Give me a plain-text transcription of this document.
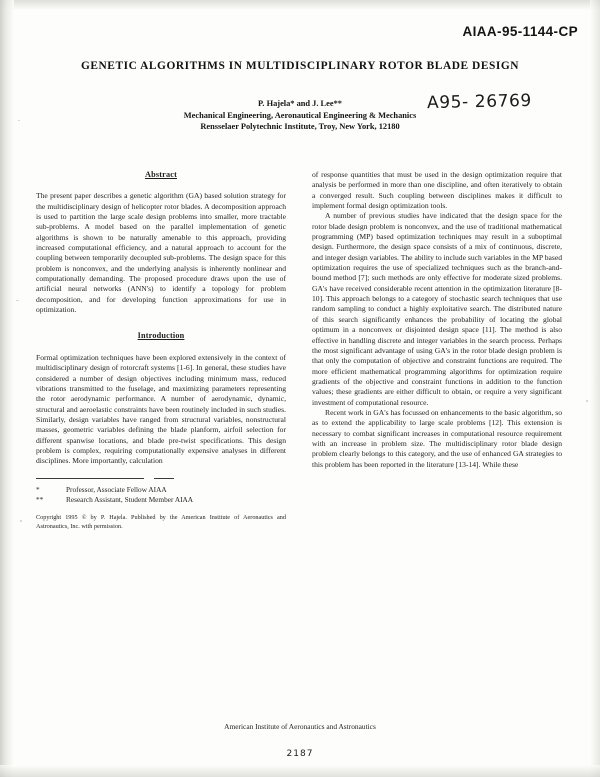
AIAA-95-1144-CP
GENETIC ALGORITHMS IN MULTIDISCIPLINARY ROTOR BLADE DESIGN
P. Hajela* and J. Lee**
Mechanical Engineering, Aeronautical Engineering & Mechanics
Rensselaer Polytechnic Institute, Troy, New York, 12180
A95- 26769
Abstract

The present paper describes a genetic algorithm (GA) based solution strategy for the multidisciplinary design of helicopter rotor blades. A decomposition approach is used to partition the large scale design problems into smaller, more tractable sub-problems. A model based on the parallel implementation of genetic algorithms is shown to be naturally amenable to this approach, providing increased computational efficiency, and a natural approach to account for the coupling between temporarily decoupled sub-problems. The design space for this problem is nonconvex, and the underlying analysis is inherently nonlinear and computationally demanding. The proposed procedure draws upon the use of artificial neural networks (ANN's) to identify a topology for problem decomposition, and for developing function approximations for use in optimization.

Introduction

Formal optimization techniques have been explored extensively in the context of multidisciplinary design of rotorcraft systems [1-6]. In general, these studies have considered a number of design objectives including minimum mass, reduced vibrations transmitted to the fuselage, and maximizing parameters representing the rotor aerodynamic performance. A number of aerodynamic, dynamic, structural and aeroelastic constraints have been routinely included in such studies. Similarly, design variables have ranged from structural variables, nonstructural masses, geometric variables defining the blade planform, airfoil selection for different spanwise locations, and blade pre-twist specifications. This design problem is complex, requiring computationally expensive analyses in different disciplines. More importantly, calculation

*	Professor, Associate Fellow AIAA
**	Research Assistant, Student Member AIAA
Copyright 1995 © by P. Hajela. Published by the American Institute of Aeronautics and Astronautics, Inc. with permission.

of response quantities that must be used in the design optimization require that analysis be performed in more than one discipline, and often iteratively to obtain a converged result. Such coupling between disciplines makes it difficult to implement formal design optimization tools.

A number of previous studies have indicated that the design space for the rotor blade design problem is nonconvex, and the use of traditional mathematical programming (MP) based optimization techniques may result in a suboptimal design. Furthermore, the design space consists of a mix of continuous, discrete, and integer design variables. The ability to include such variables in the MP based optimization requires the use of specialized techniques such as the branch-and-bound method [7]; such methods are only effective for moderate sized problems. GA's have received considerable recent attention in the optimization literature [8-10]. This approach belongs to a category of stochastic search techniques that use random sampling to conduct a highly exploitative search. The distributed nature of this search significantly enhances the probability of locating the global optimum in a nonconvex or disjointed design space [11]. The method is also effective in handling discrete and integer variables in the search process. Perhaps the most significant advantage of using GA's in the rotor blade design problem is that only the computation of objective and constraint functions are required. The more efficient mathematical programming algorithms for optimization require gradients of the objective and constraint functions in addition to the function values; these gradients are either difficult to obtain, or require a very significant investment of computational resource.

Recent work in GA's has focussed on enhancements to the basic algorithm, so as to extend the applicability to large scale problems [12]. This extension is necessary to combat significant increases in computational resource requirement with an increase in problem size. The multidisciplinary rotor blade design problem clearly belongs to this category, and the use of enhanced GA strategies to this problem has been reported in the literature [13-14]. While these

American Institute of Aeronautics and Astronautics
2187
